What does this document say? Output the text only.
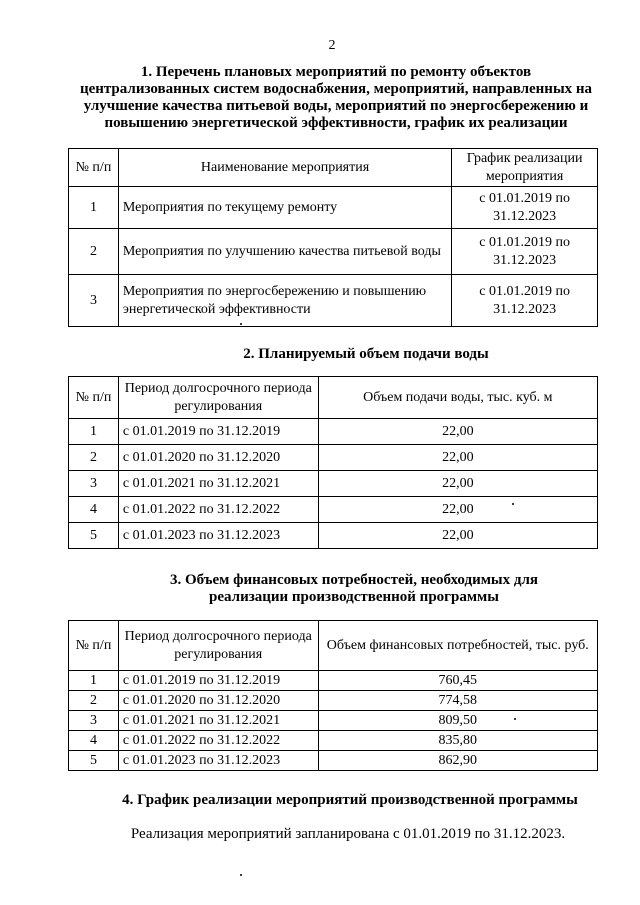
2
1. Перечень плановых мероприятий по ремонту объектов
централизованных систем водоснабжения, мероприятий, направленных на
улучшение качества питьевой воды, мероприятий по энергосбережению и
повышению энергетической эффективности, график их реализации
№ п/п	Наименование мероприятия	График реализации мероприятия
1	Мероприятия по текущему ремонту	с 01.01.2019 по 31.12.2023
2	Мероприятия по улучшению качества питьевой воды	с 01.01.2019 по 31.12.2023
3	Мероприятия по энергосбережению и повышению энергетической эффективности	с 01.01.2019 по 31.12.2023
2. Планируемый объем подачи воды
№ п/п	Период долгосрочного периода регулирования	Объем подачи воды, тыс. куб. м
1	с 01.01.2019 по 31.12.2019	22,00
2	с 01.01.2020 по 31.12.2020	22,00
3	с 01.01.2021 по 31.12.2021	22,00
4	с 01.01.2022 по 31.12.2022	22,00
5	с 01.01.2023 по 31.12.2023	22,00
3. Объем финансовых потребностей, необходимых для
реализации производственной программы
№ п/п	Период долгосрочного периода регулирования	Объем финансовых потребностей, тыс. руб.
1	с 01.01.2019 по 31.12.2019	760,45
2	с 01.01.2020 по 31.12.2020	774,58
3	с 01.01.2021 по 31.12.2021	809,50
4	с 01.01.2022 по 31.12.2022	835,80
5	с 01.01.2023 по 31.12.2023	862,90
4. График реализации мероприятий производственной программы
Реализация мероприятий запланирована с 01.01.2019 по 31.12.2023.
